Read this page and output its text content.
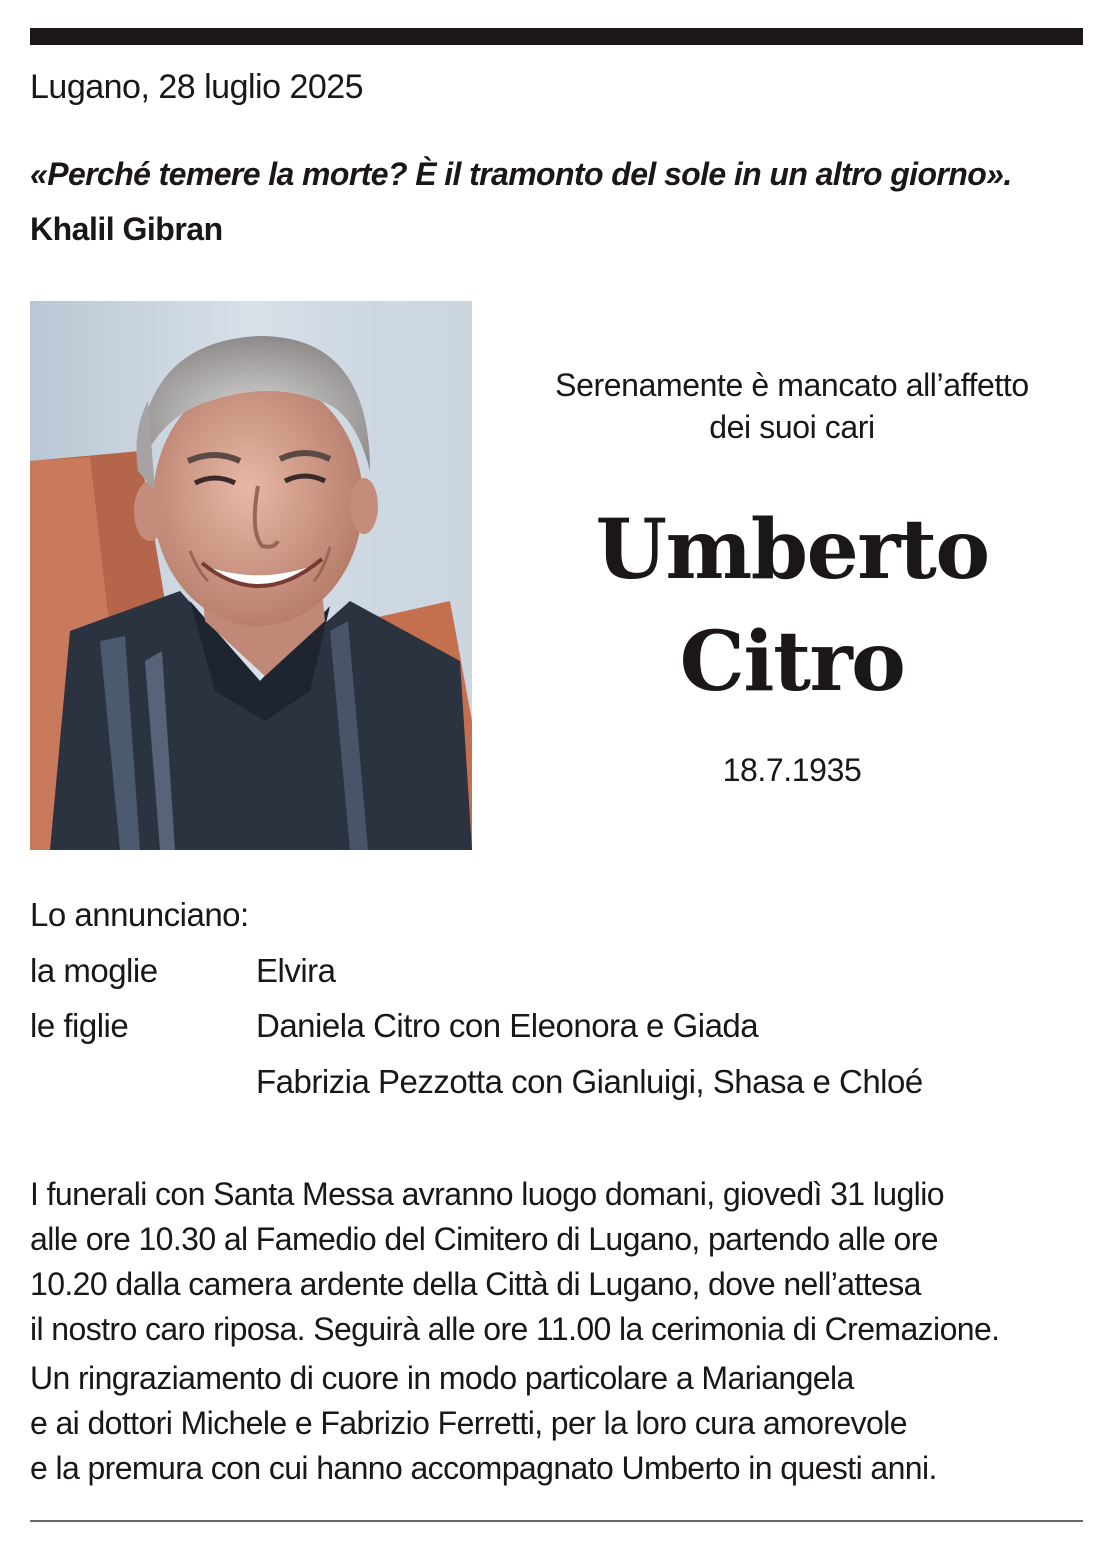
Lugano, 28 luglio 2025
«Perché temere la morte? È il tramonto del sole in un altro giorno».
Khalil Gibran
Serenamente è mancato all’affetto
dei suoi cari
Umberto
Citro
18.7.1935
Lo annunciano:
la moglie	Elvira
le figlie	Daniela Citro con Eleonora e Giada
Fabrizia Pezzotta con Gianluigi, Shasa e Chloé
I funerali con Santa Messa avranno luogo domani, giovedì 31 luglio
alle ore 10.30 al Famedio del Cimitero di Lugano, partendo alle ore
10.20 dalla camera ardente della Città di Lugano, dove nell’attesa
il nostro caro riposa. Seguirà alle ore 11.00 la cerimonia di Cremazione.
Un ringraziamento di cuore in modo particolare a Mariangela
e ai dottori Michele e Fabrizio Ferretti, per la loro cura amorevole
e la premura con cui hanno accompagnato Umberto in questi anni.
